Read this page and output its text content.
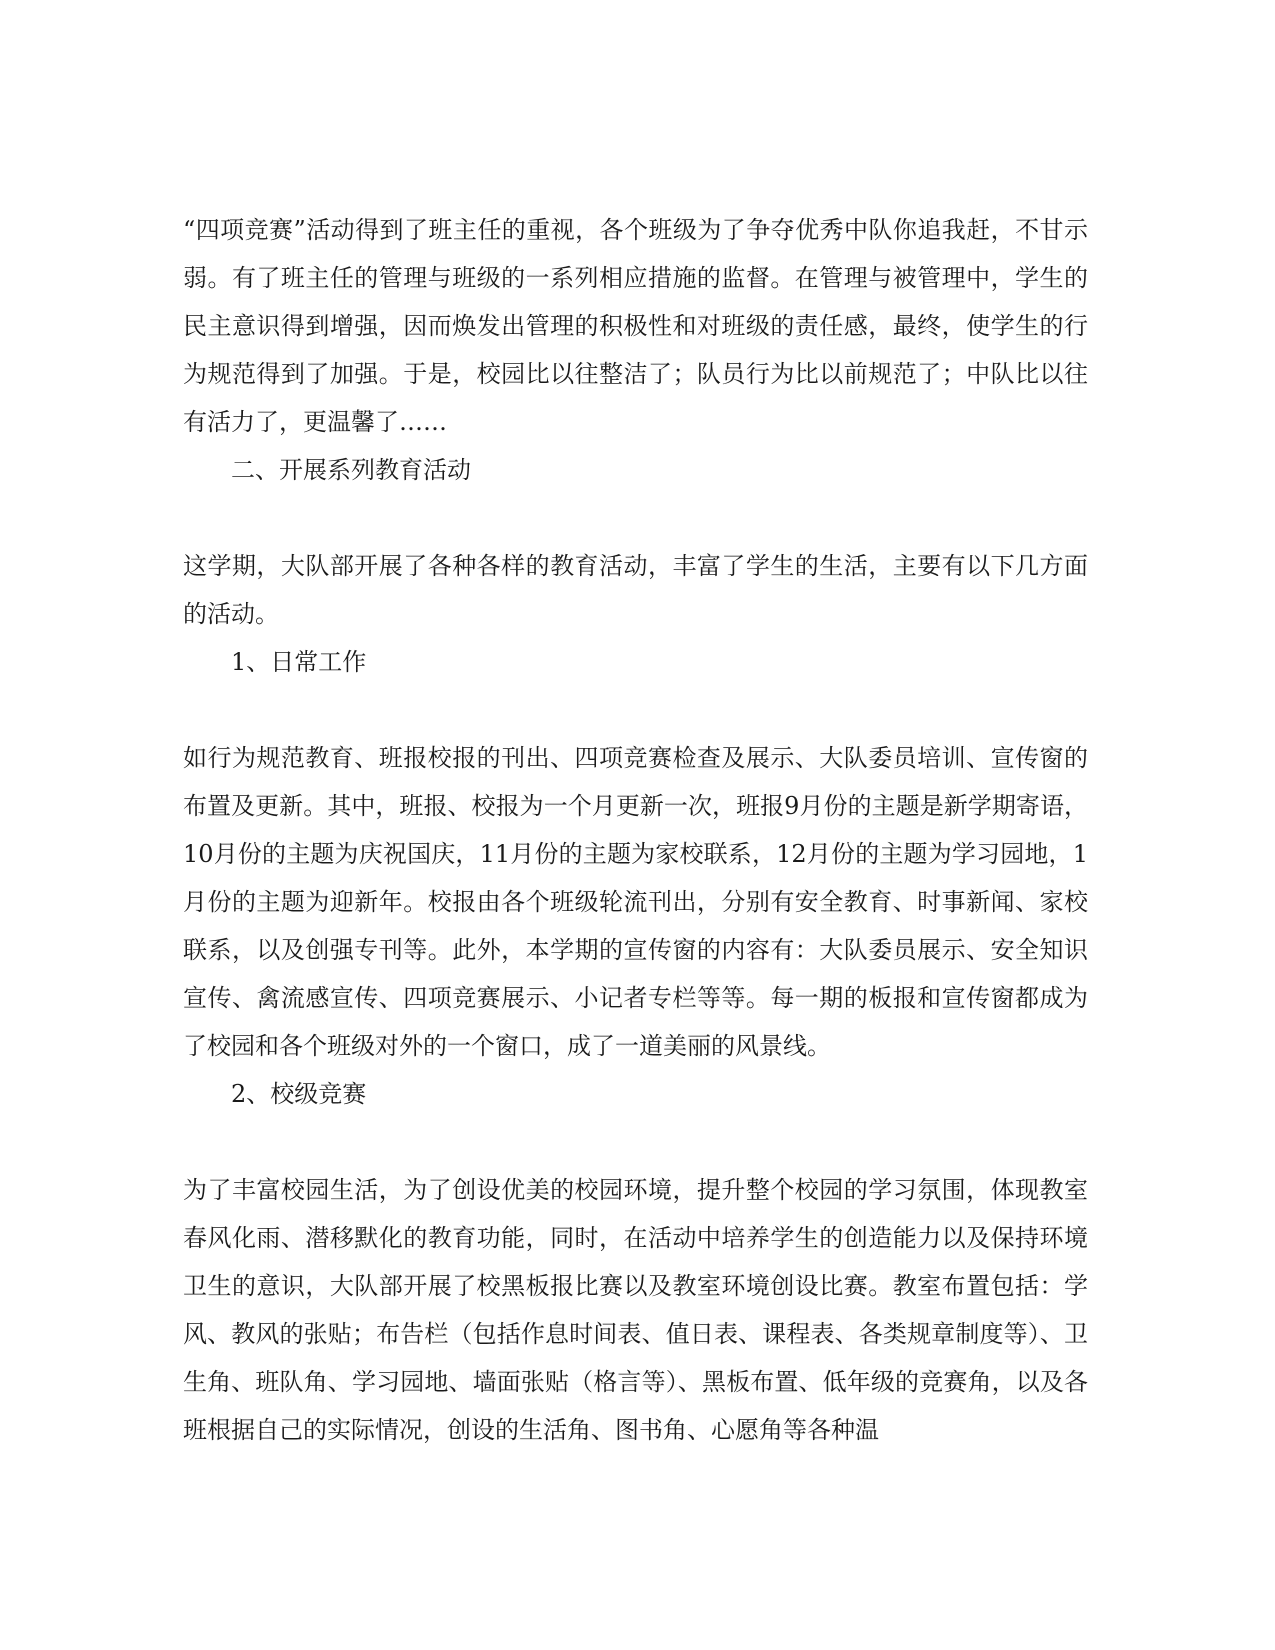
“四项竞赛”活动得到了班主任的重视，各个班级为了争夺优秀中队你追我赶，不甘示弱。有了班主任的管理与班级的一系列相应措施的监督。在管理与被管理中，学生的民主意识得到增强，因而焕发出管理的积极性和对班级的责任感，最终，使学生的行为规范得到了加强。于是，校园比以往整洁了；队员行为比以前规范了；中队比以往有活力了，更温馨了……

二、开展系列教育活动

这学期，大队部开展了各种各样的教育活动，丰富了学生的生活，主要有以下几方面的活动。

1、日常工作

如行为规范教育、班报校报的刊出、四项竞赛检查及展示、大队委员培训、宣传窗的布置及更新。其中，班报、校报为一个月更新一次，班报9月份的主题是新学期寄语，10月份的主题为庆祝国庆，11月份的主题为家校联系，12月份的主题为学习园地，1月份的主题为迎新年。校报由各个班级轮流刊出，分别有安全教育、时事新闻、家校联系，以及创强专刊等。此外，本学期的宣传窗的内容有：大队委员展示、安全知识宣传、禽流感宣传、四项竞赛展示、小记者专栏等等。每一期的板报和宣传窗都成为了校园和各个班级对外的一个窗口，成了一道美丽的风景线。

2、校级竞赛

为了丰富校园生活，为了创设优美的校园环境，提升整个校园的学习氛围，体现教室春风化雨、潜移默化的教育功能，同时，在活动中培养学生的创造能力以及保持环境卫生的意识，大队部开展了校黑板报比赛以及教室环境创设比赛。教室布置包括：学风、教风的张贴；布告栏（包括作息时间表、值日表、课程表、各类规章制度等）、卫生角、班队角、学习园地、墙面张贴（格言等）、黑板布置、低年级的竞赛角，以及各班根据自己的实际情况，创设的生活角、图书角、心愿角等各种温
